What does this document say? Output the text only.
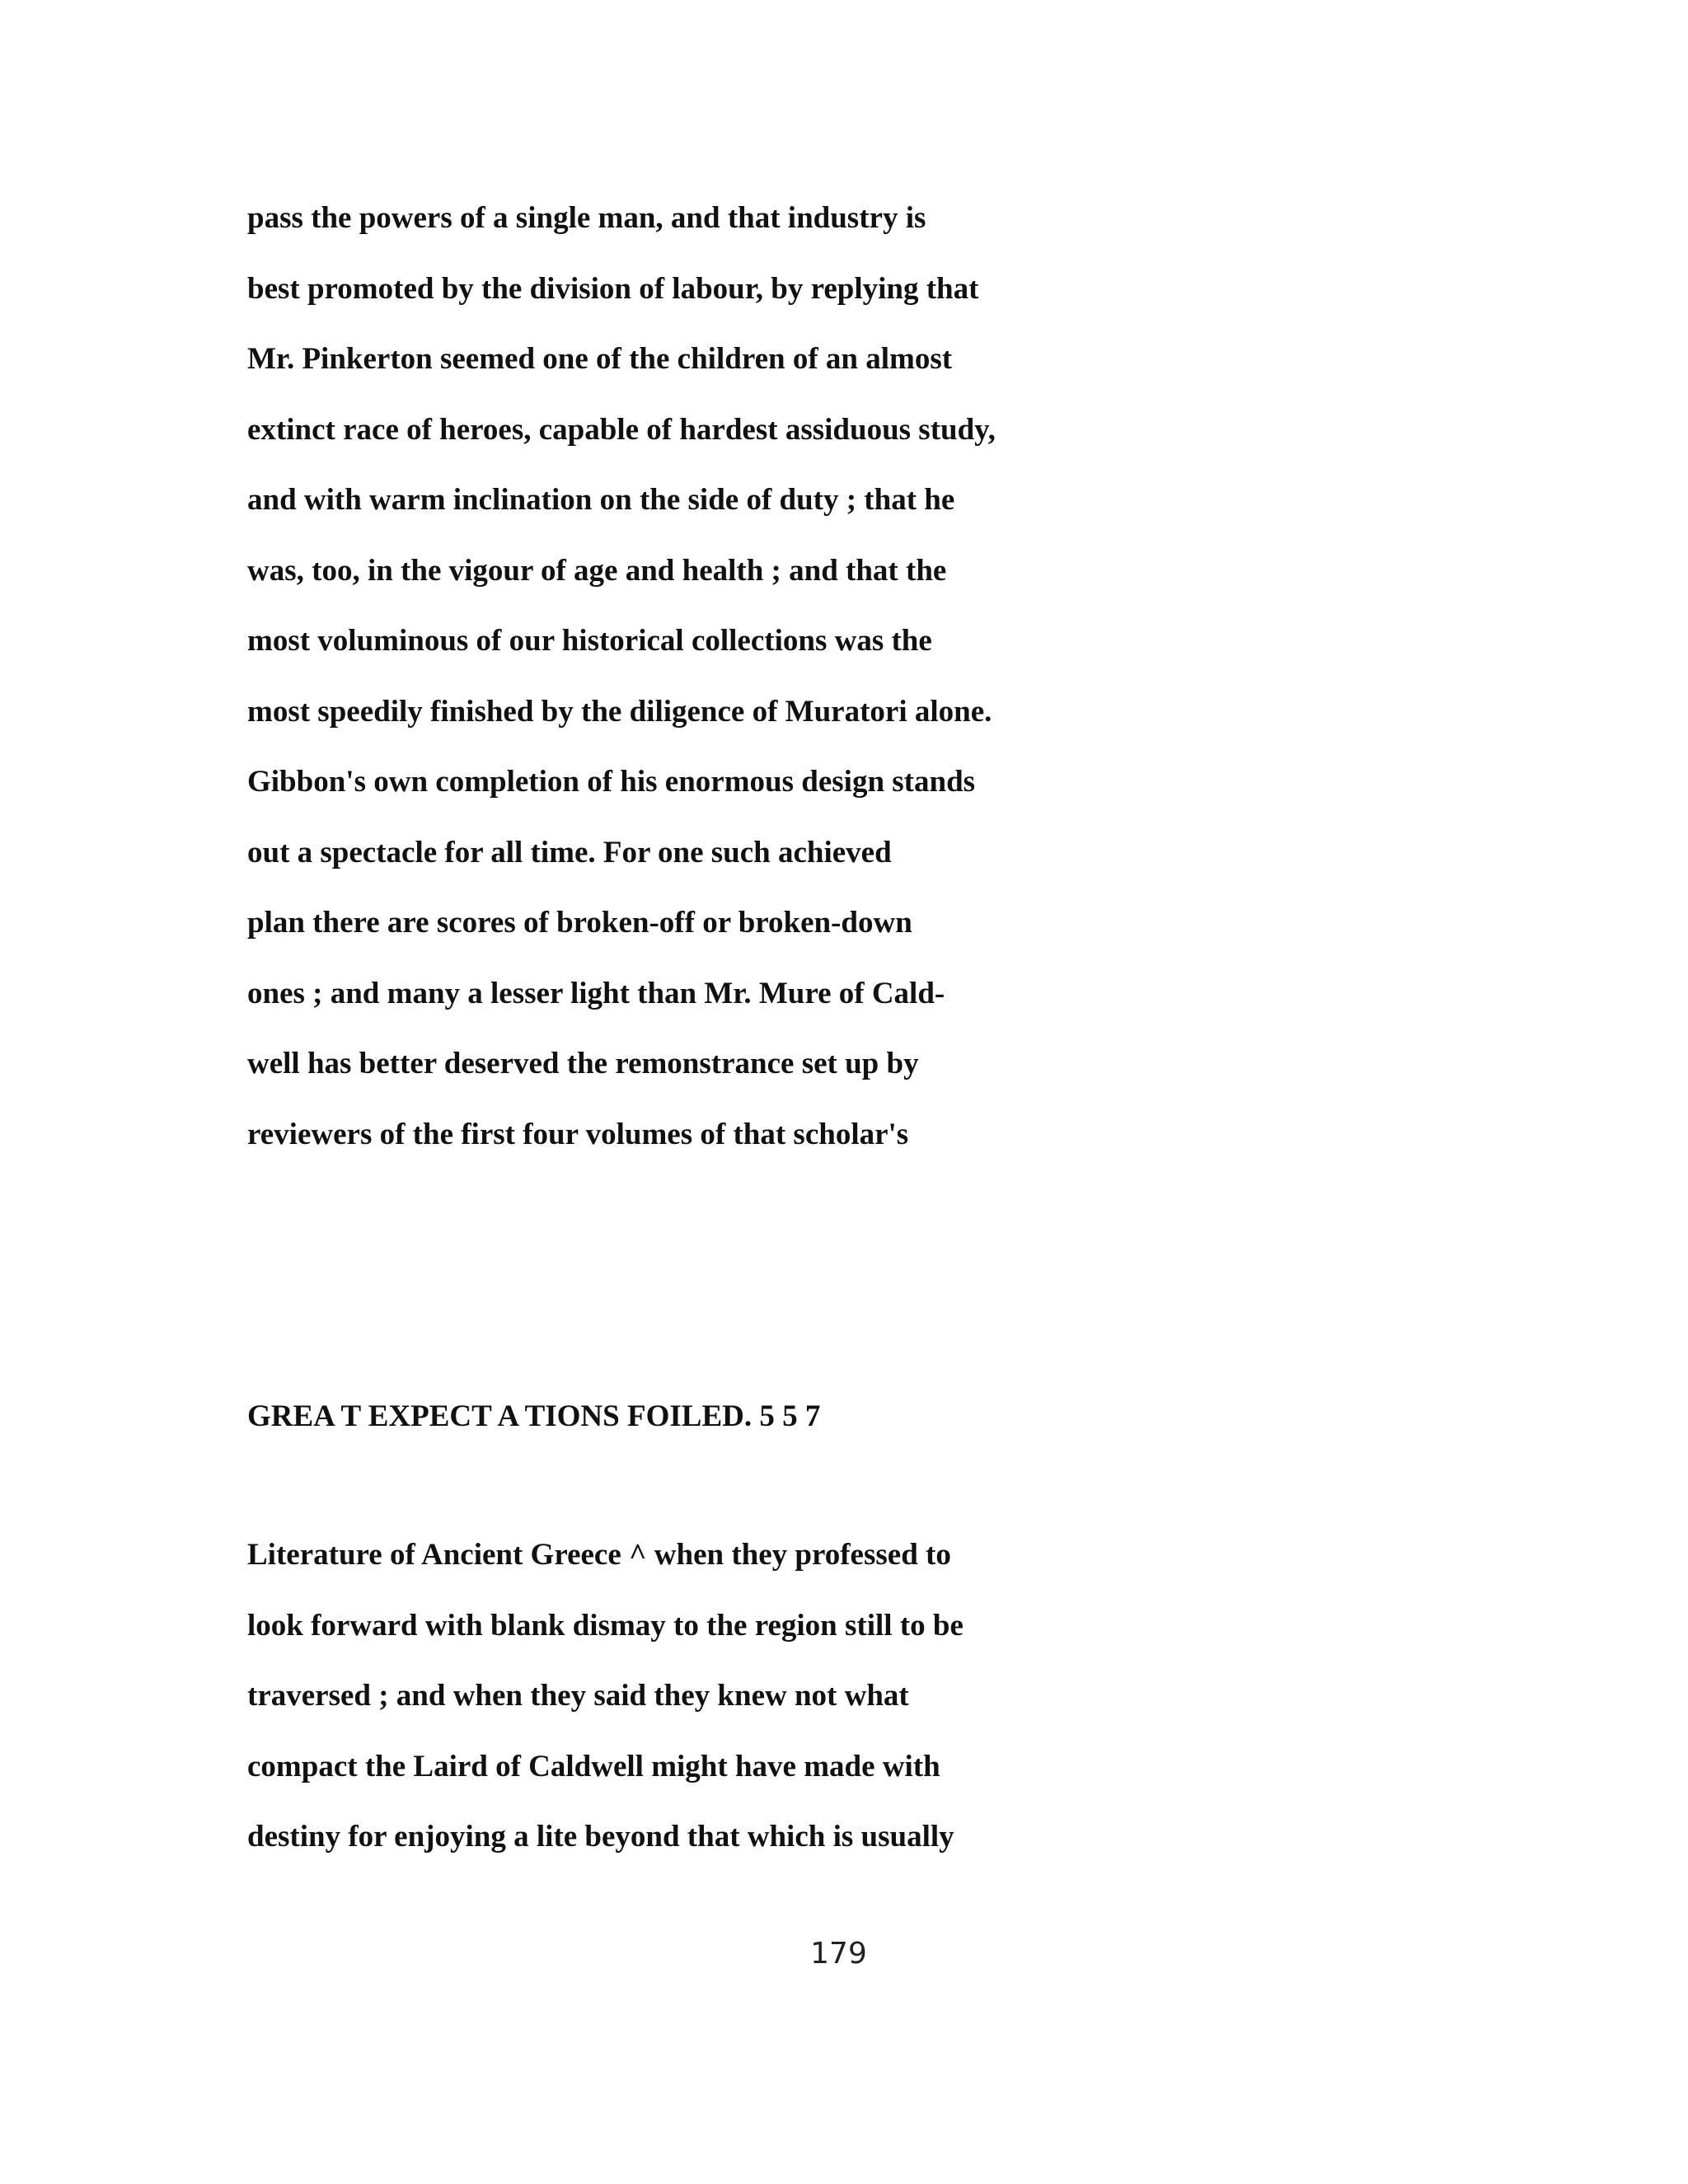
pass the powers of a single man, and that industry is
best promoted by the division of labour, by replying that
Mr. Pinkerton seemed one of the children of an almost
extinct race of heroes, capable of hardest assiduous study,
and with warm inclination on the side of duty ; that he
was, too, in the vigour of age and health ; and that the
most voluminous of our historical collections was the
most speedily finished by the diligence of Muratori alone.
Gibbon's own completion of his enormous design stands
out a spectacle for all time. For one such achieved
plan there are scores of broken-off or broken-down
ones ; and many a lesser light than Mr. Mure of Cald-
well has better deserved the remonstrance set up by
reviewers of the first four volumes of that scholar's
GREA T EXPECT A TIONS FOILED. 5 5 7
Literature of Ancient Greece ^ when they professed to
look forward with blank dismay to the region still to be
traversed ; and when they said they knew not what
compact the Laird of Caldwell might have made with
destiny for enjoying a lite beyond that which is usually
179
